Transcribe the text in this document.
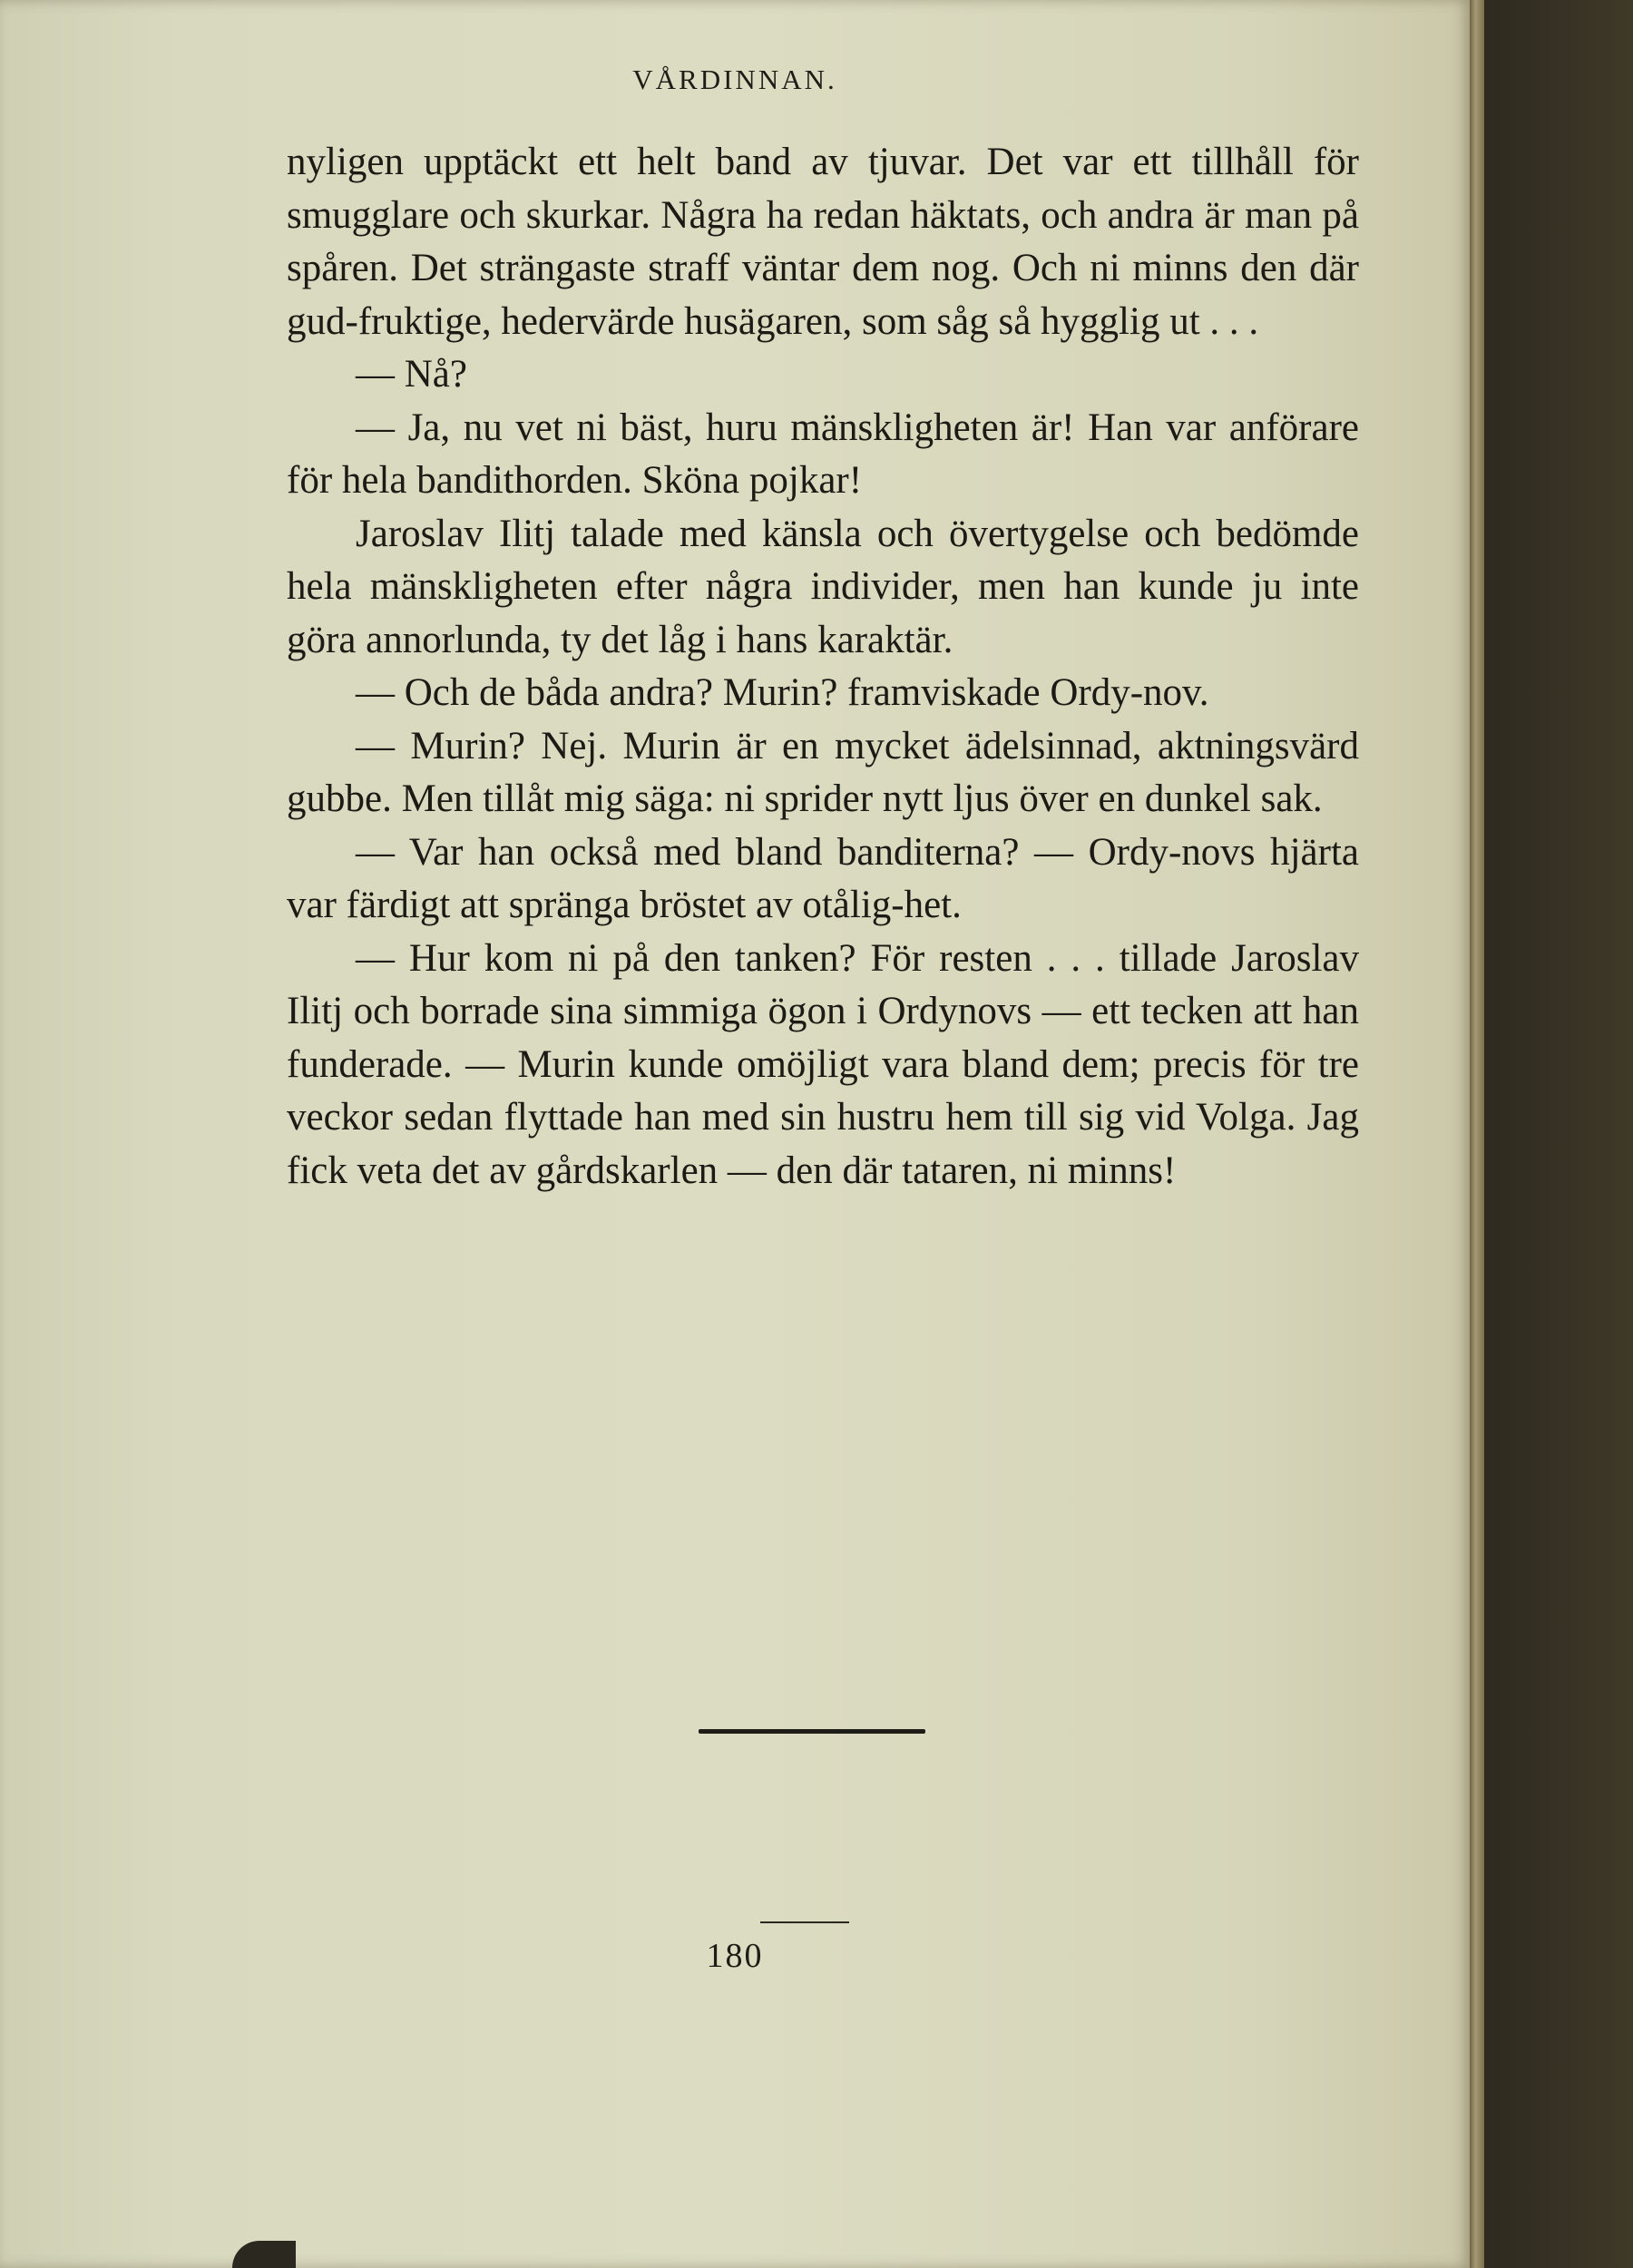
VÅRDINNAN.

nyligen upptäckt ett helt band av tjuvar. Det var ett tillhåll för smugglare och skurkar. Några ha redan häktats, och andra är man på spåren. Det strängaste straff väntar dem nog. Och ni minns den där gud-fruktige, hedervärde husägaren, som såg så hygglig ut . . .

— Nå?

— Ja, nu vet ni bäst, huru mänskligheten är! Han var anförare för hela bandithorden. Sköna pojkar!

Jaroslav Ilitj talade med känsla och övertygelse och bedömde hela mänskligheten efter några individer, men han kunde ju inte göra annorlunda, ty det låg i hans karaktär.

— Och de båda andra? Murin? framviskade Ordy-nov.

— Murin? Nej. Murin är en mycket ädelsinnad, aktningsvärd gubbe. Men tillåt mig säga: ni sprider nytt ljus över en dunkel sak.

— Var han också med bland banditerna? — Ordy-novs hjärta var färdigt att spränga bröstet av otålig-het.

— Hur kom ni på den tanken? För resten . . . tillade Jaroslav Ilitj och borrade sina simmiga ögon i Ordynovs — ett tecken att han funderade. — Murin kunde omöjligt vara bland dem; precis för tre veckor sedan flyttade han med sin hustru hem till sig vid Volga. Jag fick veta det av gårdskarlen — den där tataren, ni minns!

180
